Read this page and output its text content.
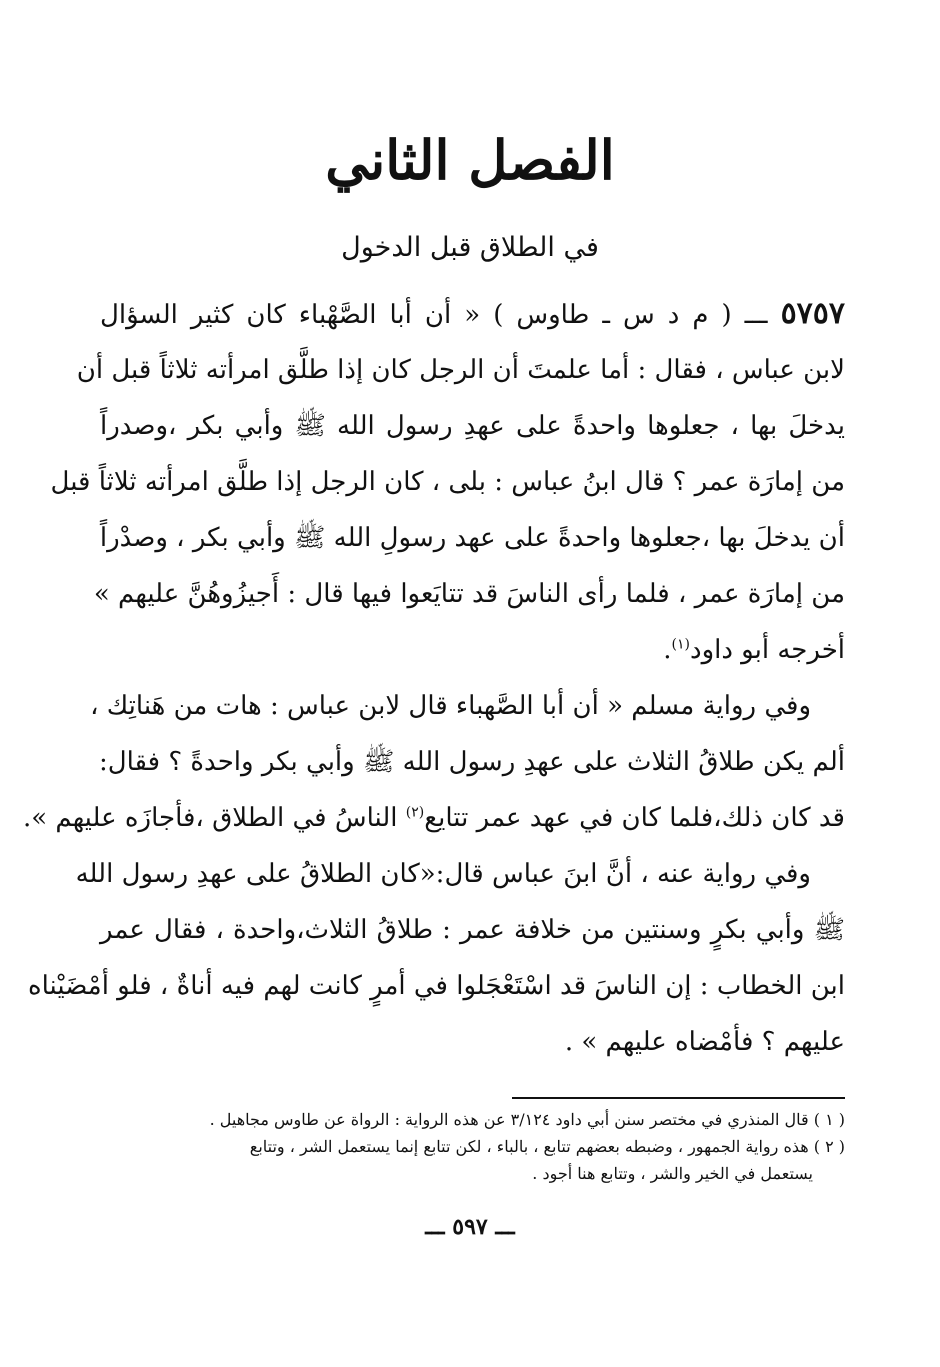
الفصل الثاني
في الطلاق قبل الدخول
٥٧٥٧ ـــ ( م د س ـ طاوس ) « أن أبا الصَّهْباء كان كثير السؤال
لابن عباس ، فقال : أما علمتَ أن الرجل كان إذا طلَّق امرأته ثلاثاً قبل أن
يدخلَ بها ، جعلوها واحدةً على عهدِ رسول الله ﷺ وأبي بكر ،وصدراً
من إمارَة عمر ؟ قال ابنُ عباس : بلى ، كان الرجل إذا طلَّق امرأته ثلاثاً قبل
أن يدخلَ بها ،جعلوها واحدةً على عهد رسولِ الله ﷺ وأبي بكر ، وصدْراً
من إمارَة عمر ، فلما رأى الناسَ قد تتايَعوا فيها قال : أَجيزُوهُنَّ عليهم »
أخرجه أبو داود$^{(١)}$.
وفي رواية مسلم « أن أبا الصَّهباء قال لابن عباس : هات من هَناتِك ،
ألم يكن طلاقُ الثلاث على عهدِ رسول الله ﷺ وأبي بكر واحدةً ؟ فقال:
قد كان ذلك،فلما كان في عهد عمر تتايع$^{(٢)}$ الناسُ في الطلاق ،فأجازَه عليهم ».
وفي رواية عنه ، أنَّ ابنَ عباس قال:«كان الطلاقُ على عهدِ رسول الله
ﷺ وأبي بكرٍ وسنتين من خلافة عمر : طلاقُ الثلاث،واحدة ، فقال عمر
ابن الخطاب : إن الناسَ قد اسْتَعْجَلوا في أمرٍ كانت لهم فيه أناةٌ ، فلو أمْضَيْناه
عليهم ؟ فأمْضاه عليهم » .
( ١ ) قال المنذري في مختصر سنن أبي داود ٣/١٢٤ عن هذه الرواية : الرواة عن طاوس مجاهيل .
( ٢ ) هذه رواية الجمهور ، وضبطه بعضهم تتابع ، بالباء ، لكن تتابع إنما يستعمل الشر ، وتتابع
يستعمل في الخير والشر ، وتتابع هنا أجود .
ـــ ٥٩٧ ـــ
